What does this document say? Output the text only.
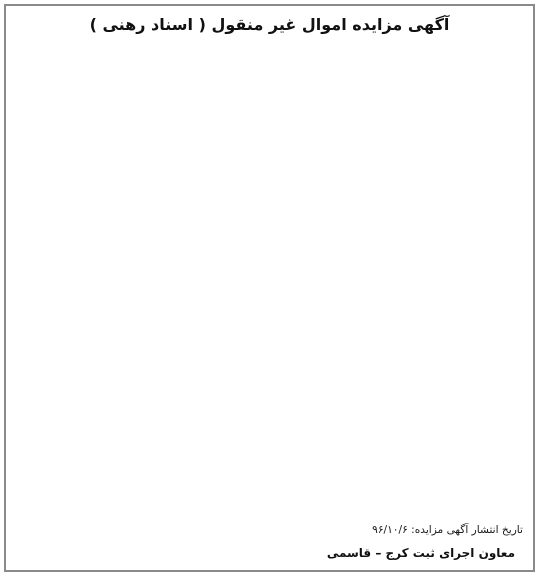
آگهی مزایده اموال غیر منقول ( اسناد رهنی )

تاریخ انتشار آگهی مزایده: ۹۶/۱۰/۶
معاون اجرای ثبت کرج – قاسمی
